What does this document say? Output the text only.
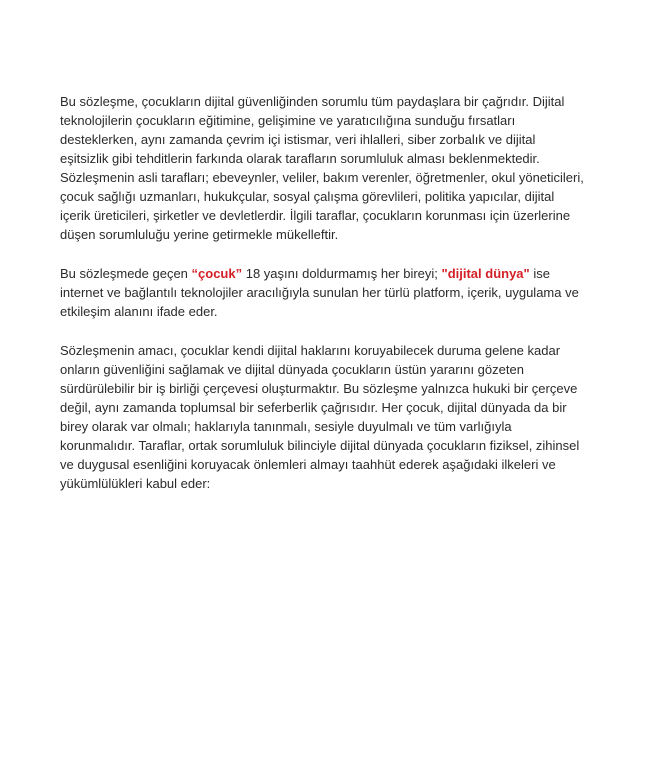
Bu sözleşme, çocukların dijital güvenliğinden sorumlu tüm paydaşlara bir çağrıdır. Dijital teknolojilerin çocukların eğitimine, gelişimine ve yaratıcılığına sunduğu fırsatları desteklerken, aynı zamanda çevrim içi istismar, veri ihlalleri, siber zorbalık ve dijital eşitsizlik gibi tehditlerin farkında olarak tarafların sorumluluk alması beklenmektedir. Sözleşmenin asli tarafları; ebeveynler, veliler, bakım verenler, öğretmenler, okul yöneticileri, çocuk sağlığı uzmanları, hukukçular, sosyal çalışma görevlileri, politika yapıcılar, dijital içerik üreticileri, şirketler ve devletlerdir. İlgili taraflar, çocukların korunması için üzerlerine düşen sorumluluğu yerine getirmekle mükelleftir.

Bu sözleşmede geçen “çocuk” 18 yaşını doldurmamış her bireyi; "dijital dünya" ise internet ve bağlantılı teknolojiler aracılığıyla sunulan her türlü platform, içerik, uygulama ve etkileşim alanını ifade eder.

Sözleşmenin amacı, çocuklar kendi dijital haklarını koruyabilecek duruma gelene kadar onların güvenliğini sağlamak ve dijital dünyada çocukların üstün yararını gözeten sürdürülebilir bir iş birliği çerçevesi oluşturmaktır. Bu sözleşme yalnızca hukuki bir çerçeve değil, aynı zamanda toplumsal bir seferberlik çağrısıdır. Her çocuk, dijital dünyada da bir birey olarak var olmalı; haklarıyla tanınmalı, sesiyle duyulmalı ve tüm varlığıyla korunmalıdır. Taraflar, ortak sorumluluk bilinciyle dijital dünyada çocukların fiziksel, zihinsel ve duygusal esenliğini koruyacak önlemleri almayı taahhüt ederek aşağıdaki ilkeleri ve yükümlülükleri kabul eder:
